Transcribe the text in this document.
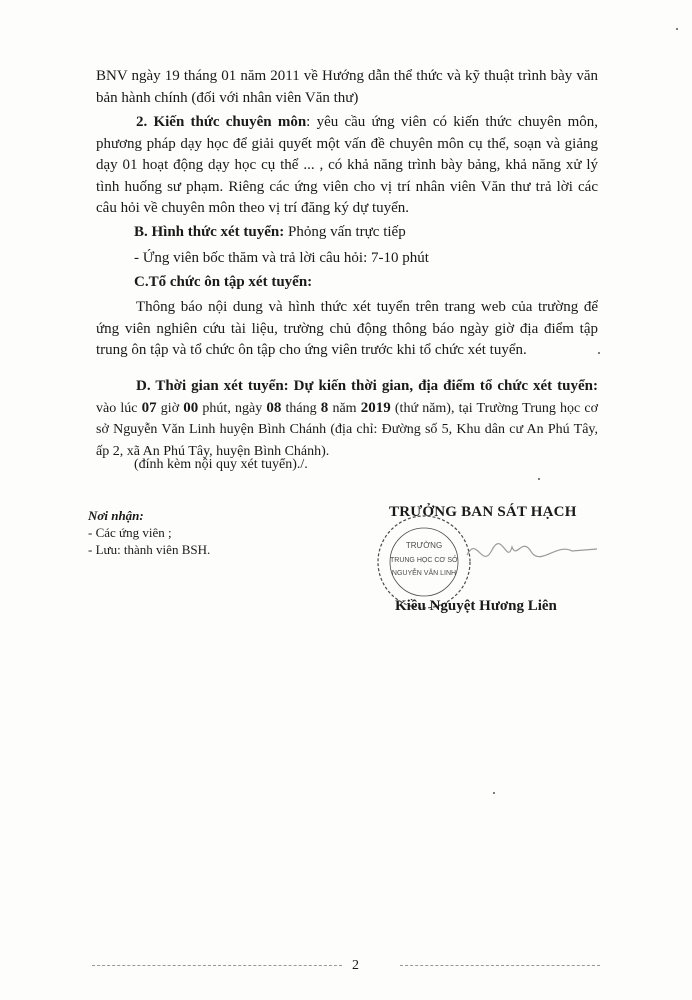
BNV ngày 19 tháng 01 năm 2011 về Hướng dẫn thể thức và kỹ thuật trình bày văn bản hành chính (đối với nhân viên Văn thư)

2. Kiến thức chuyên môn: yêu cầu ứng viên có kiến thức chuyên môn, phương pháp dạy học để giải quyết một vấn đề chuyên môn cụ thể, soạn và giảng dạy 01 hoạt động dạy học cụ thể ... , có khả năng trình bày bảng, khả năng xử lý tình huống sư phạm. Riêng các ứng viên cho vị trí nhân viên Văn thư trả lời các câu hỏi về chuyên môn theo vị trí đăng ký dự tuyển.

B. Hình thức xét tuyển: Phỏng vấn trực tiếp
- Ứng viên bốc thăm và trả lời câu hỏi: 7-10 phút
C.Tổ chức ôn tập xét tuyển:

Thông báo nội dung và hình thức xét tuyển trên trang web của trường để ứng viên nghiên cứu tài liệu, trường chủ động thông báo ngày giờ địa điểm tập trung ôn tập và tổ chức ôn tập cho ứng viên trước khi tổ chức xét tuyển.

D. Thời gian xét tuyển: Dự kiến thời gian, địa điểm tổ chức xét tuyển: vào lúc 07 giờ 00 phút, ngày 08 tháng 8 năm 2019 (thứ năm), tại Trường Trung học cơ sở Nguyễn Văn Linh huyện Bình Chánh (địa chỉ: Đường số 5, Khu dân cư An Phú Tây, ấp 2, xã An Phú Tây, huyện Bình Chánh).

(đính kèm nội quy xét tuyển)./.
Nơi nhận:
- Các ứng viên ;
- Lưu: thành viên BSH.
TRƯỞNG BAN SÁT HẠCH
TRƯỜNG
TRUNG HỌC CƠ SỞ
NGUYỄN VĂN LINH
Kiều Nguyệt Hương Liên
2
